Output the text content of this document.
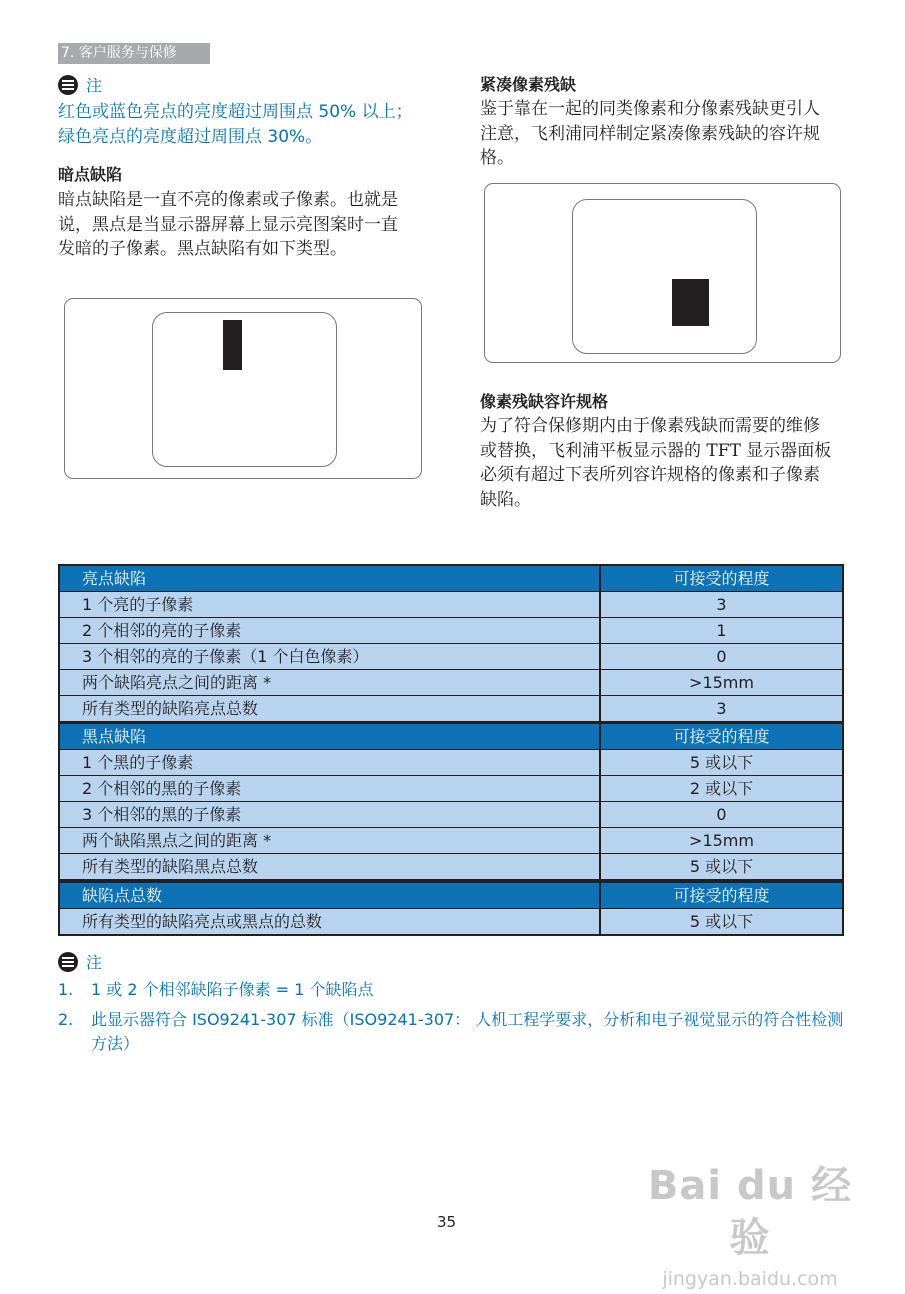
7. 客户服务与保修
注
红色或蓝色亮点的亮度超过周围点 50% 以上；绿色亮点的亮度超过周围点 30%。
暗点缺陷
暗点缺陷是一直不亮的像素或子像素。也就是说，黑点是当显示器屏幕上显示亮图案时一直发暗的子像素。黑点缺陷有如下类型。
紧凑像素残缺
鉴于靠在一起的同类像素和分像素残缺更引人注意，飞利浦同样制定紧凑像素残缺的容许规格。
像素残缺容许规格
为了符合保修期内由于像素残缺而需要的维修或替换，飞利浦平板显示器的 TFT 显示器面板必须有超过下表所列容许规格的像素和子像素缺陷。
亮点缺陷	可接受的程度
1 个亮的子像素	3
2 个相邻的亮的子像素	1
3 个相邻的亮的子像素（1 个白色像素）	0
两个缺陷亮点之间的距离 *	>15mm
所有类型的缺陷亮点总数	3
黑点缺陷	可接受的程度
1 个黑的子像素	5 或以下
2 个相邻的黑的子像素	2 或以下
3 个相邻的黑的子像素	0
两个缺陷黑点之间的距离 *	>15mm
所有类型的缺陷黑点总数	5 或以下
缺陷点总数	可接受的程度
所有类型的缺陷亮点或黑点的总数	5 或以下
注
1.	1 或 2 个相邻缺陷子像素 = 1 个缺陷点
2.	此显示器符合 ISO9241-307 标准（ISO9241-307： 人机工程学要求，分析和电子视觉显示的符合性检测方法）
35
Bai du 经验
jingyan.baidu.com
